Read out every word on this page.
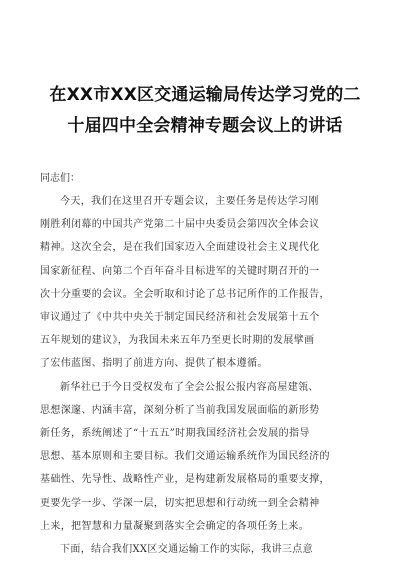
在XX市XX区交通运输局传达学习党的二
十届四中全会精神专题会议上的讲话

同志们：

今天，我们在这里召开专题会议，主要任务是传达学习刚
刚胜利闭幕的中国共产党第二十届中央委员会第四次全体会议
精神。这次全会，是在我们国家迈入全面建设社会主义现代化
国家新征程、向第二个百年奋斗目标进军的关键时期召开的一
次十分重要的会议。全会听取和讨论了总书记所作的工作报告，
审议通过了《中共中央关于制定国民经济和社会发展第十五个
五年规划的建议》，为我国未来五年乃至更长时期的发展擘画
了宏伟蓝图、指明了前进方向、提供了根本遵循。
新华社已于今日受权发布了全会公报公报内容高屋建瓴、
思想深邃、内涵丰富，深刻分析了当前我国发展面临的新形势
新任务，系统阐述了“十五五”时期我国经济社会发展的指导
思想、基本原则和主要目标。我们交通运输系统作为国民经济的
基础性、先导性、战略性产业，是构建新发展格局的重要支撑，
更要先学一步、学深一层，切实把思想和行动统一到全会精神
上来，把智慧和力量凝聚到落实全会确定的各项任务上来。
下面，结合我们XX区交通运输工作的实际，我讲三点意
